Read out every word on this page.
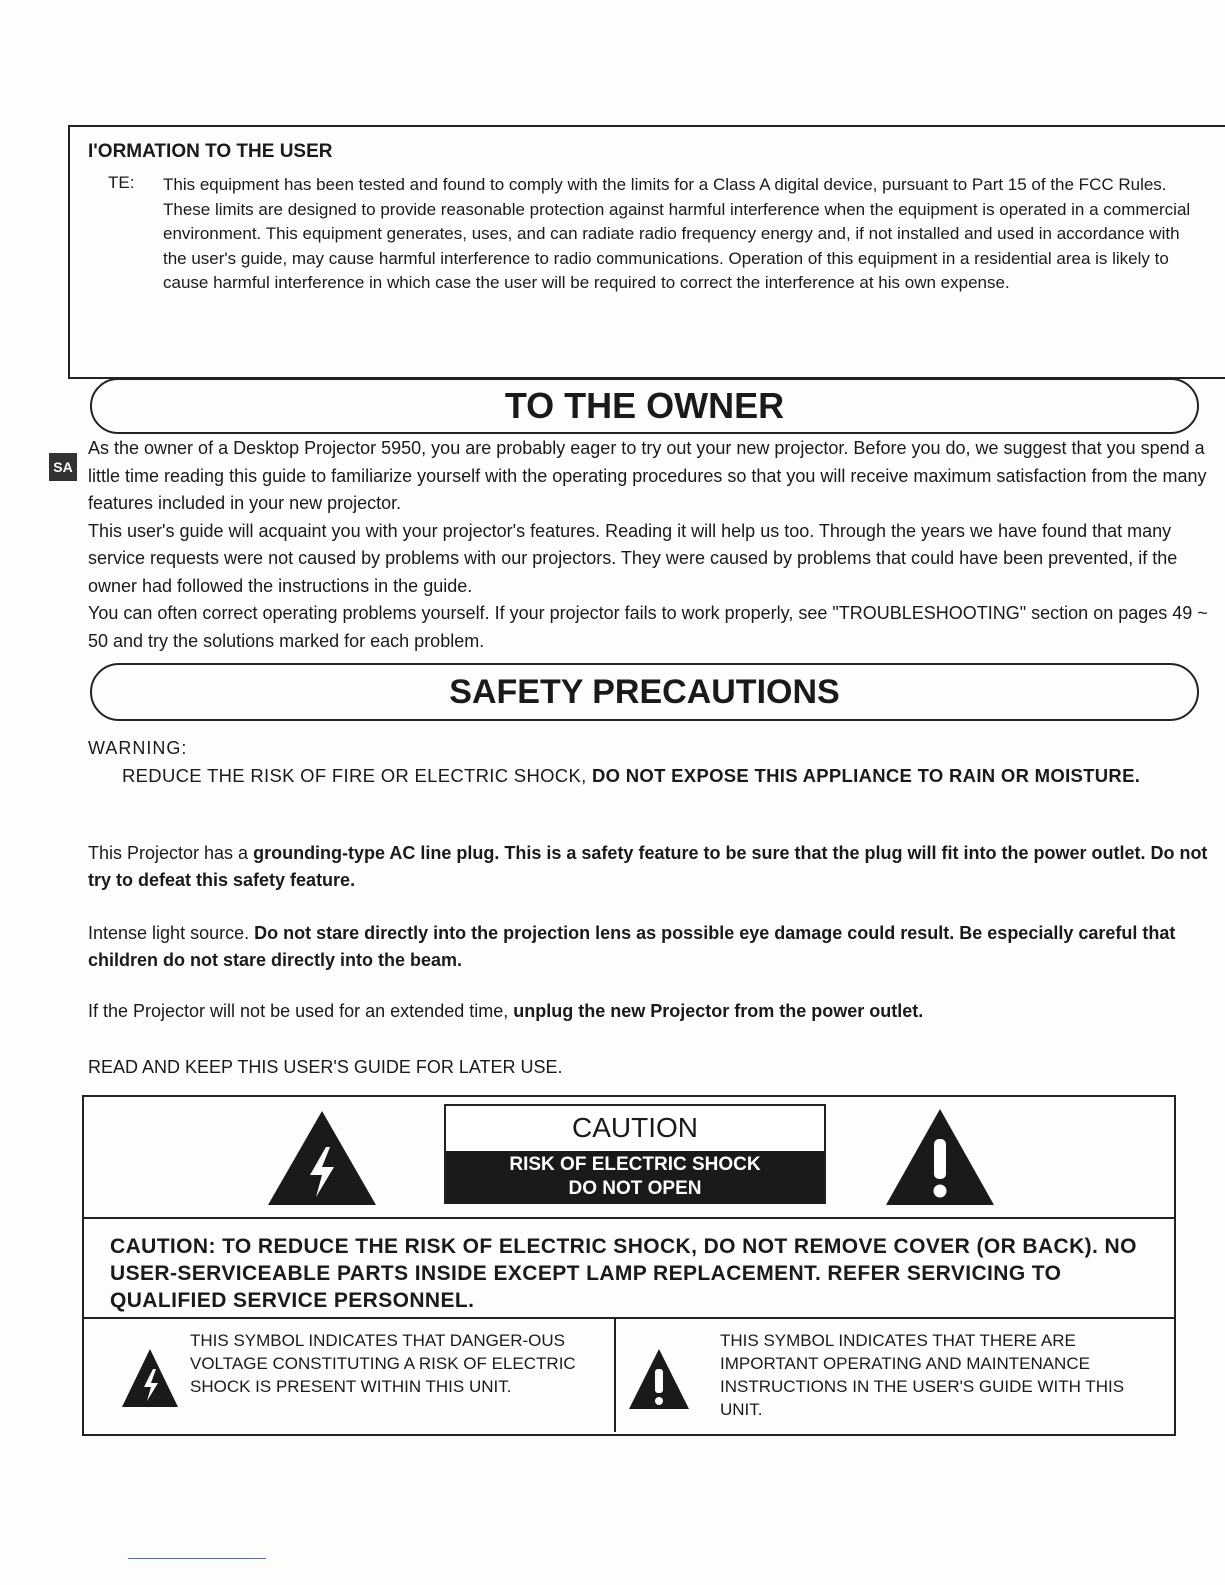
I'ORMATION TO THE USER
TE: This equipment has been tested and found to comply with the limits for a Class A digital device, pursuant to Part 15 of the FCC Rules. These limits are designed to provide reasonable protection against harmful interference when the equipment is operated in a commercial environment. This equipment generates, uses, and can radiate radio frequency energy and, if not installed and used in accordance with the user's guide, may cause harmful interference to radio communications. Operation of this equipment in a residential area is likely to cause harmful interference in which case the user will be required to correct the interference at his own expense.
TO THE OWNER
SA

As the owner of a Desktop Projector 5950, you are probably eager to try out your new projector. Before you do, we suggest that you spend a little time reading this guide to familiarize yourself with the operating procedures so that you will receive maximum satisfaction from the many features included in your new projector.

This user's guide will acquaint you with your projector's features. Reading it will help us too. Through the years we have found that many service requests were not caused by problems with our projectors. They were caused by problems that could have been prevented, if the owner had followed the instructions in the guide.

You can often correct operating problems yourself. If your projector fails to work properly, see "TROUBLESHOOTING" section on pages 49 ~ 50 and try the solutions marked for each problem.

SAFETY PRECAUTIONS
WARNING:
REDUCE THE RISK OF FIRE OR ELECTRIC SHOCK, DO NOT EXPOSE THIS APPLIANCE TO RAIN OR MOISTURE.
This Projector has a grounding-type AC line plug. This is a safety feature to be sure that the plug will fit into the power outlet. Do not try to defeat this safety feature.
Intense light source. Do not stare directly into the projection lens as possible eye damage could result. Be especially careful that children do not stare directly into the beam.
If the Projector will not be used for an extended time, unplug the new Projector from the power outlet.
READ AND KEEP THIS USER'S GUIDE FOR LATER USE.
CAUTION
RISK OF ELECTRIC SHOCK
DO NOT OPEN
CAUTION: TO REDUCE THE RISK OF ELECTRIC SHOCK, DO NOT REMOVE COVER (OR BACK). NO USER-SERVICEABLE PARTS INSIDE EXCEPT LAMP REPLACEMENT. REFER SERVICING TO QUALIFIED SERVICE PERSONNEL.
THIS SYMBOL INDICATES THAT DANGER-OUS VOLTAGE CONSTITUTING A RISK OF ELECTRIC SHOCK IS PRESENT WITHIN THIS UNIT.
THIS SYMBOL INDICATES THAT THERE ARE IMPORTANT OPERATING AND MAINTENANCE INSTRUCTIONS IN THE USER'S GUIDE WITH THIS UNIT.
